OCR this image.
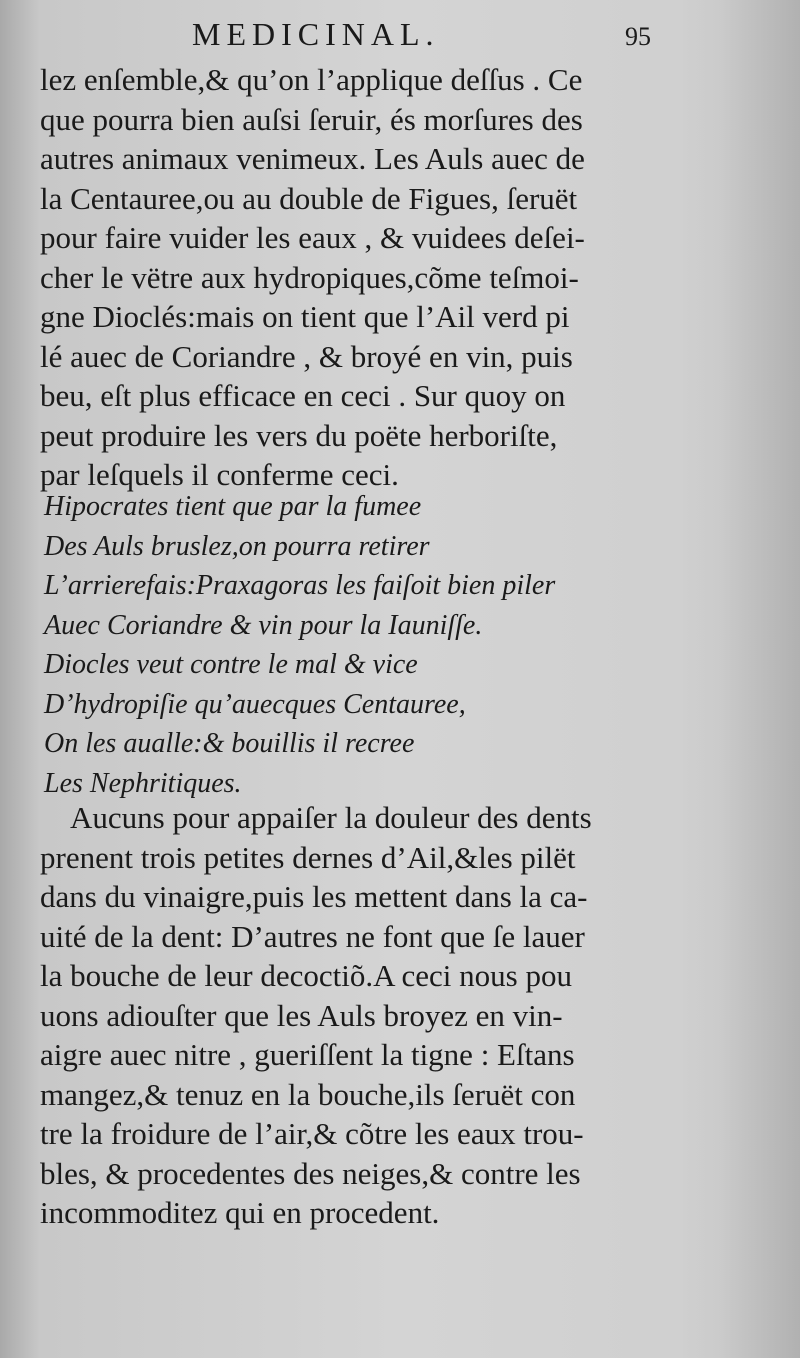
MEDICINAL.	95
lez enſemble,& qu’on l’applique deſſus . Ce
que pourra bien auſsi ſeruir, és morſures des
autres animaux venimeux. Les Auls auec de
la Centauree,ou au double de Figues, ſeruët
pour faire vuider les eaux , & vuidees deſei-
cher le vëtre aux hydropiques,cõme teſmoi-
gne Dioclés:mais on tient que l’Ail verd pi
lé auec de Coriandre , & broyé en vin, puis
beu, eſt plus efficace en ceci . Sur quoy on
peut produire les vers du poëte herboriſte,
par leſquels il conferme ceci.
Hipocrates tient que par la fumee
Des Auls bruslez,on pourra retirer
L’arrierefais:Praxagoras les faiſoit bien piler
Auec Coriandre & vin pour la Iauniſſe.
Diocles veut contre le mal & vice
D’hydropiſie qu’auecques Centauree,
On les aualle:& bouillis il recree
Les Nephritiques.
Aucuns pour appaiſer la douleur des dents
prenent trois petites dernes d’Ail,&les pilët
dans du vinaigre,puis les mettent dans la ca-
uité de la dent: D’autres ne font que ſe lauer
la bouche de leur decoctiõ.A ceci nous pou
uons adiouſter que les Auls broyez en vin-
aigre auec nitre , gueriſſent la tigne : Eſtans
mangez,& tenuz en la bouche,ils ſeruët con
tre la froidure de l’air,& cõtre les eaux trou-
bles, & procedentes des neiges,& contre les
incommoditez qui en procedent.
